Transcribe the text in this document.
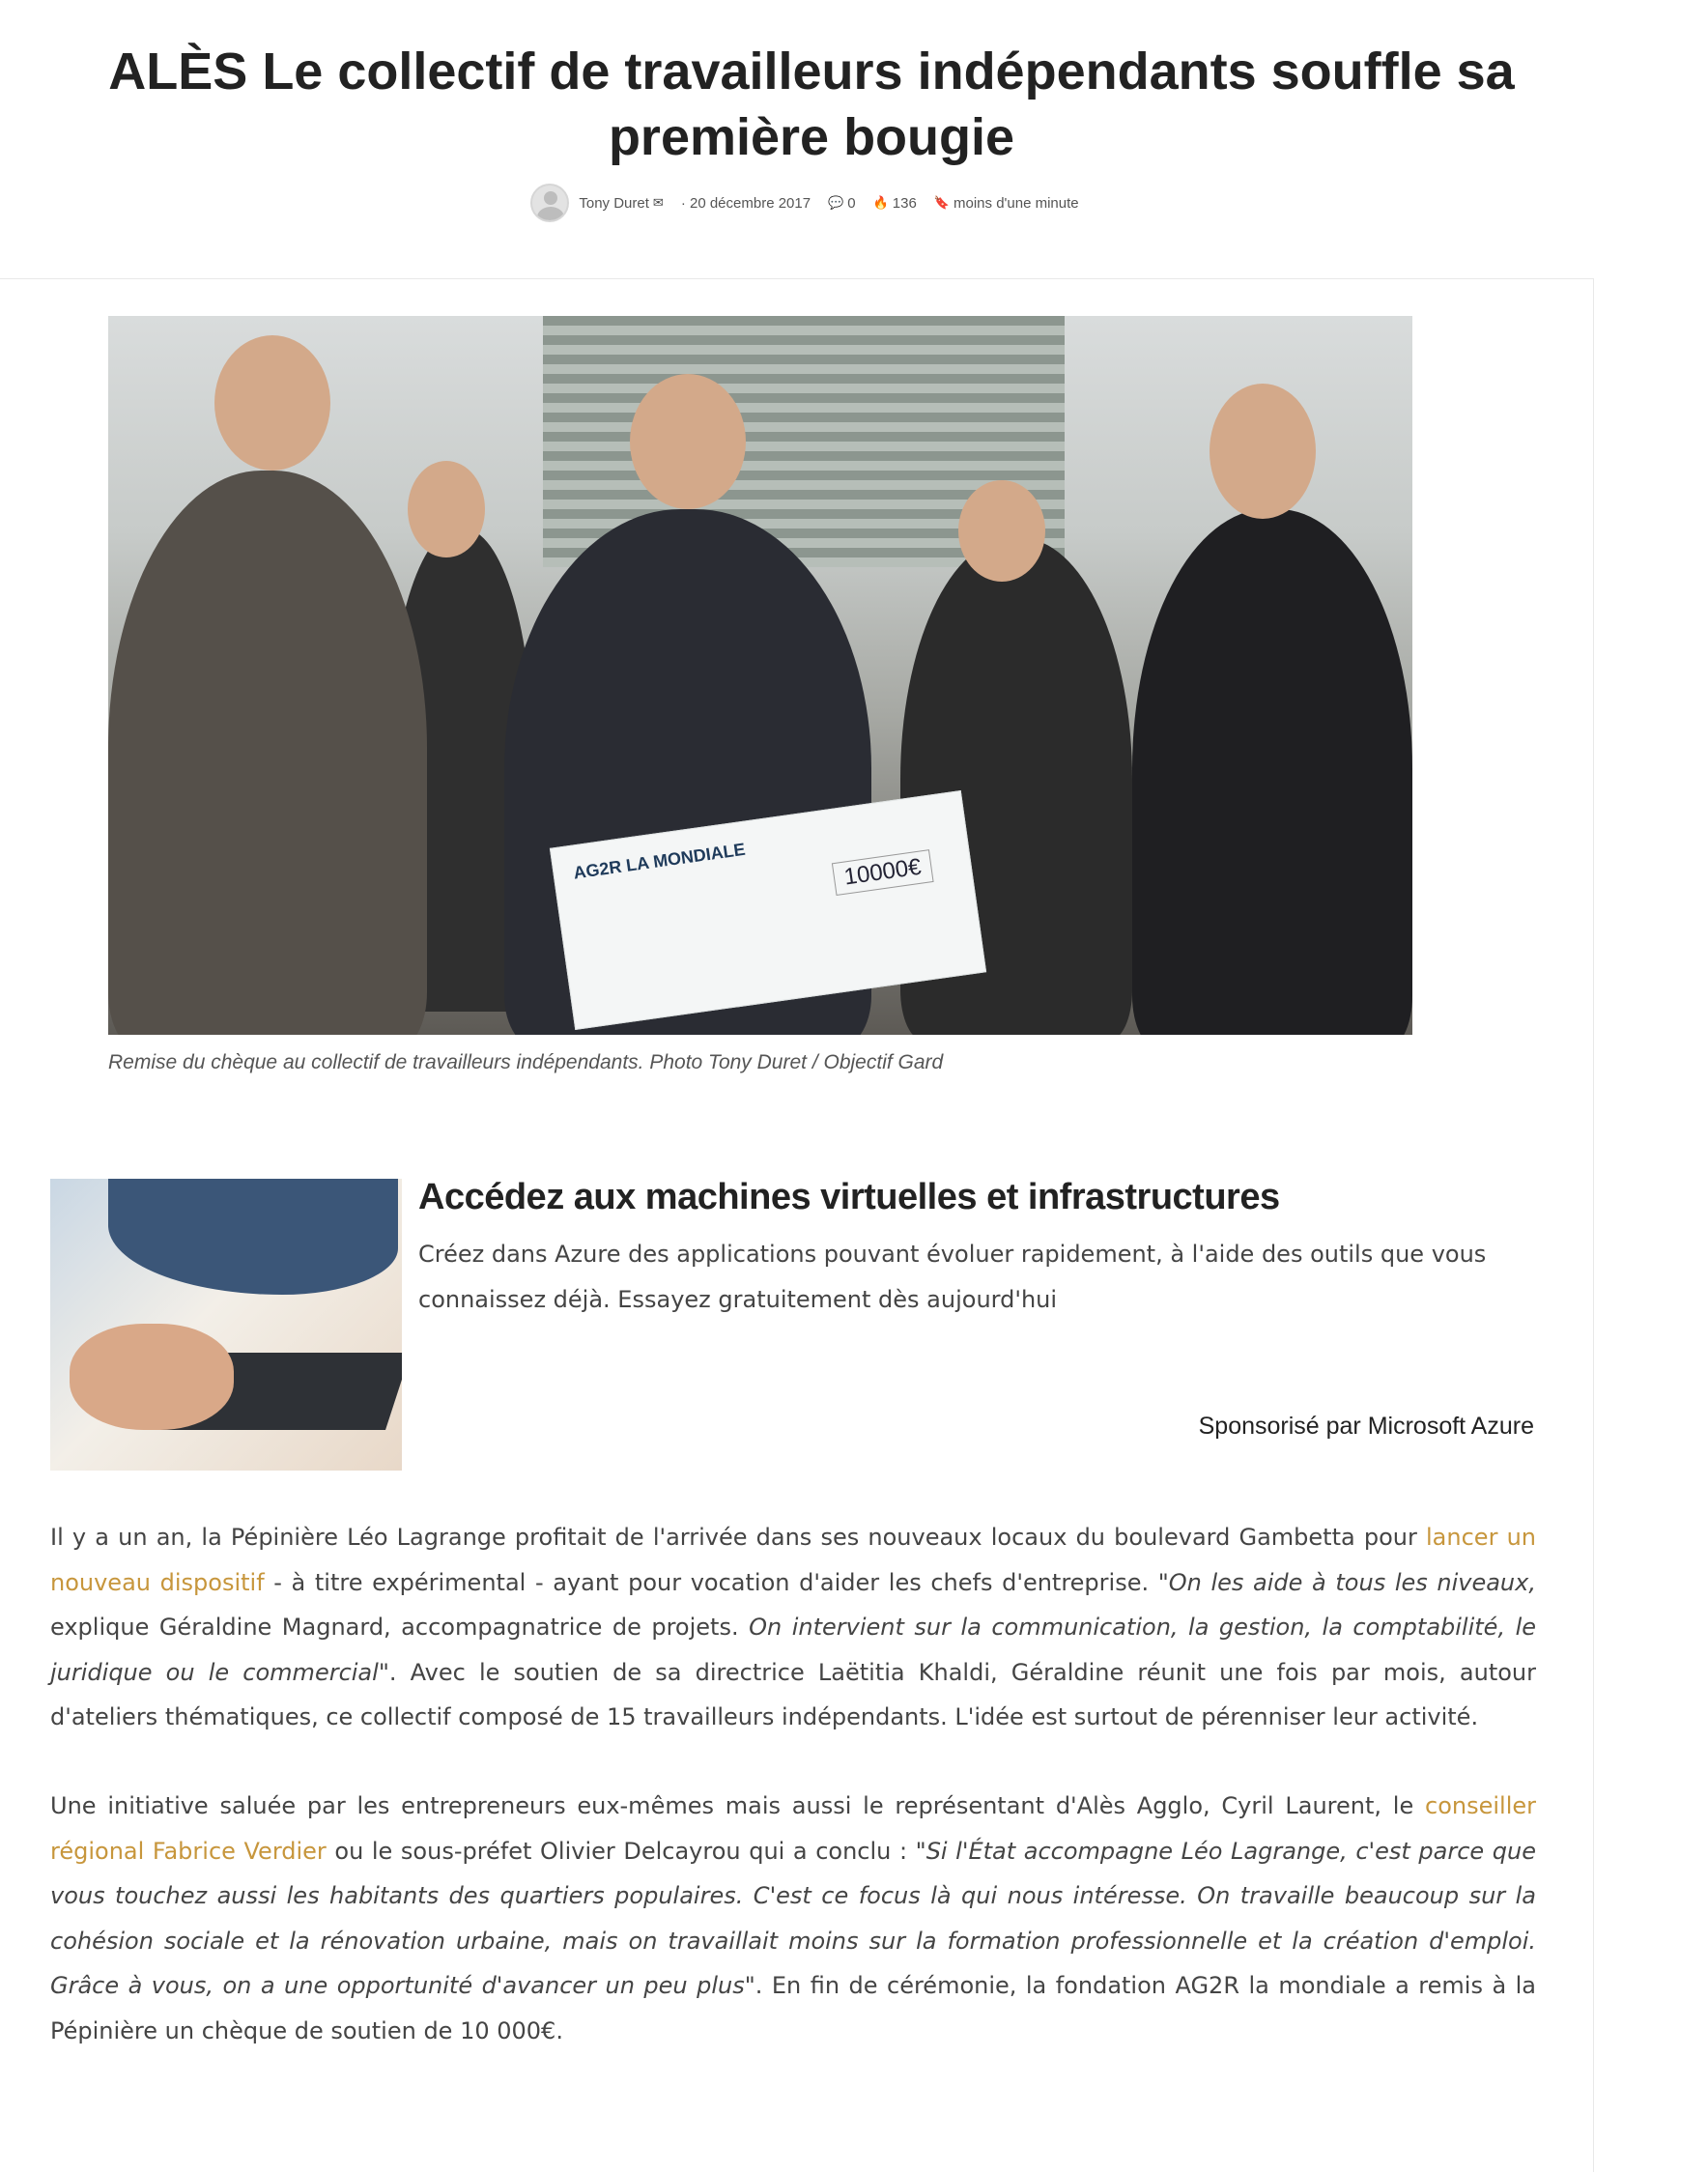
ALÈS Le collectif de travailleurs indépendants souffle sa première bougie
Tony Duret ✉ · 20 décembre 2017 💬 0 🔥 136 🔖 moins d'une minute
AG2R LA MONDIALE	10000€

Remise du chèque au collectif de travailleurs indépendants. Photo Tony Duret / Objectif Gard

Accédez aux machines virtuelles et infrastructures
Créez dans Azure des applications pouvant évoluer rapidement, à l'aide des outils que vous connaissez déjà. Essayez gratuitement dès aujourd'hui
Sponsorisé par Microsoft Azure

Il y a un an, la Pépinière Léo Lagrange profitait de l'arrivée dans ses nouveaux locaux du boulevard Gambetta pour lancer un nouveau dispositif - à titre expérimental - ayant pour vocation d'aider les chefs d'entreprise. "On les aide à tous les niveaux, explique Géraldine Magnard, accompagnatrice de projets. On intervient sur la communication, la gestion, la comptabilité, le juridique ou le commercial". Avec le soutien de sa directrice Laëtitia Khaldi, Géraldine réunit une fois par mois, autour d'ateliers thématiques, ce collectif composé de 15 travailleurs indépendants. L'idée est surtout de pérenniser leur activité.

Une initiative saluée par les entrepreneurs eux-mêmes mais aussi le représentant d'Alès Agglo, Cyril Laurent, le conseiller régional Fabrice Verdier ou le sous-préfet Olivier Delcayrou qui a conclu : "Si l'État accompagne Léo Lagrange, c'est parce que vous touchez aussi les habitants des quartiers populaires. C'est ce focus là qui nous intéresse. On travaille beaucoup sur la cohésion sociale et la rénovation urbaine, mais on travaillait moins sur la formation professionnelle et la création d'emploi. Grâce à vous, on a une opportunité d'avancer un peu plus". En fin de cérémonie, la fondation AG2R la mondiale a remis à la Pépinière un chèque de soutien de 10 000€.
